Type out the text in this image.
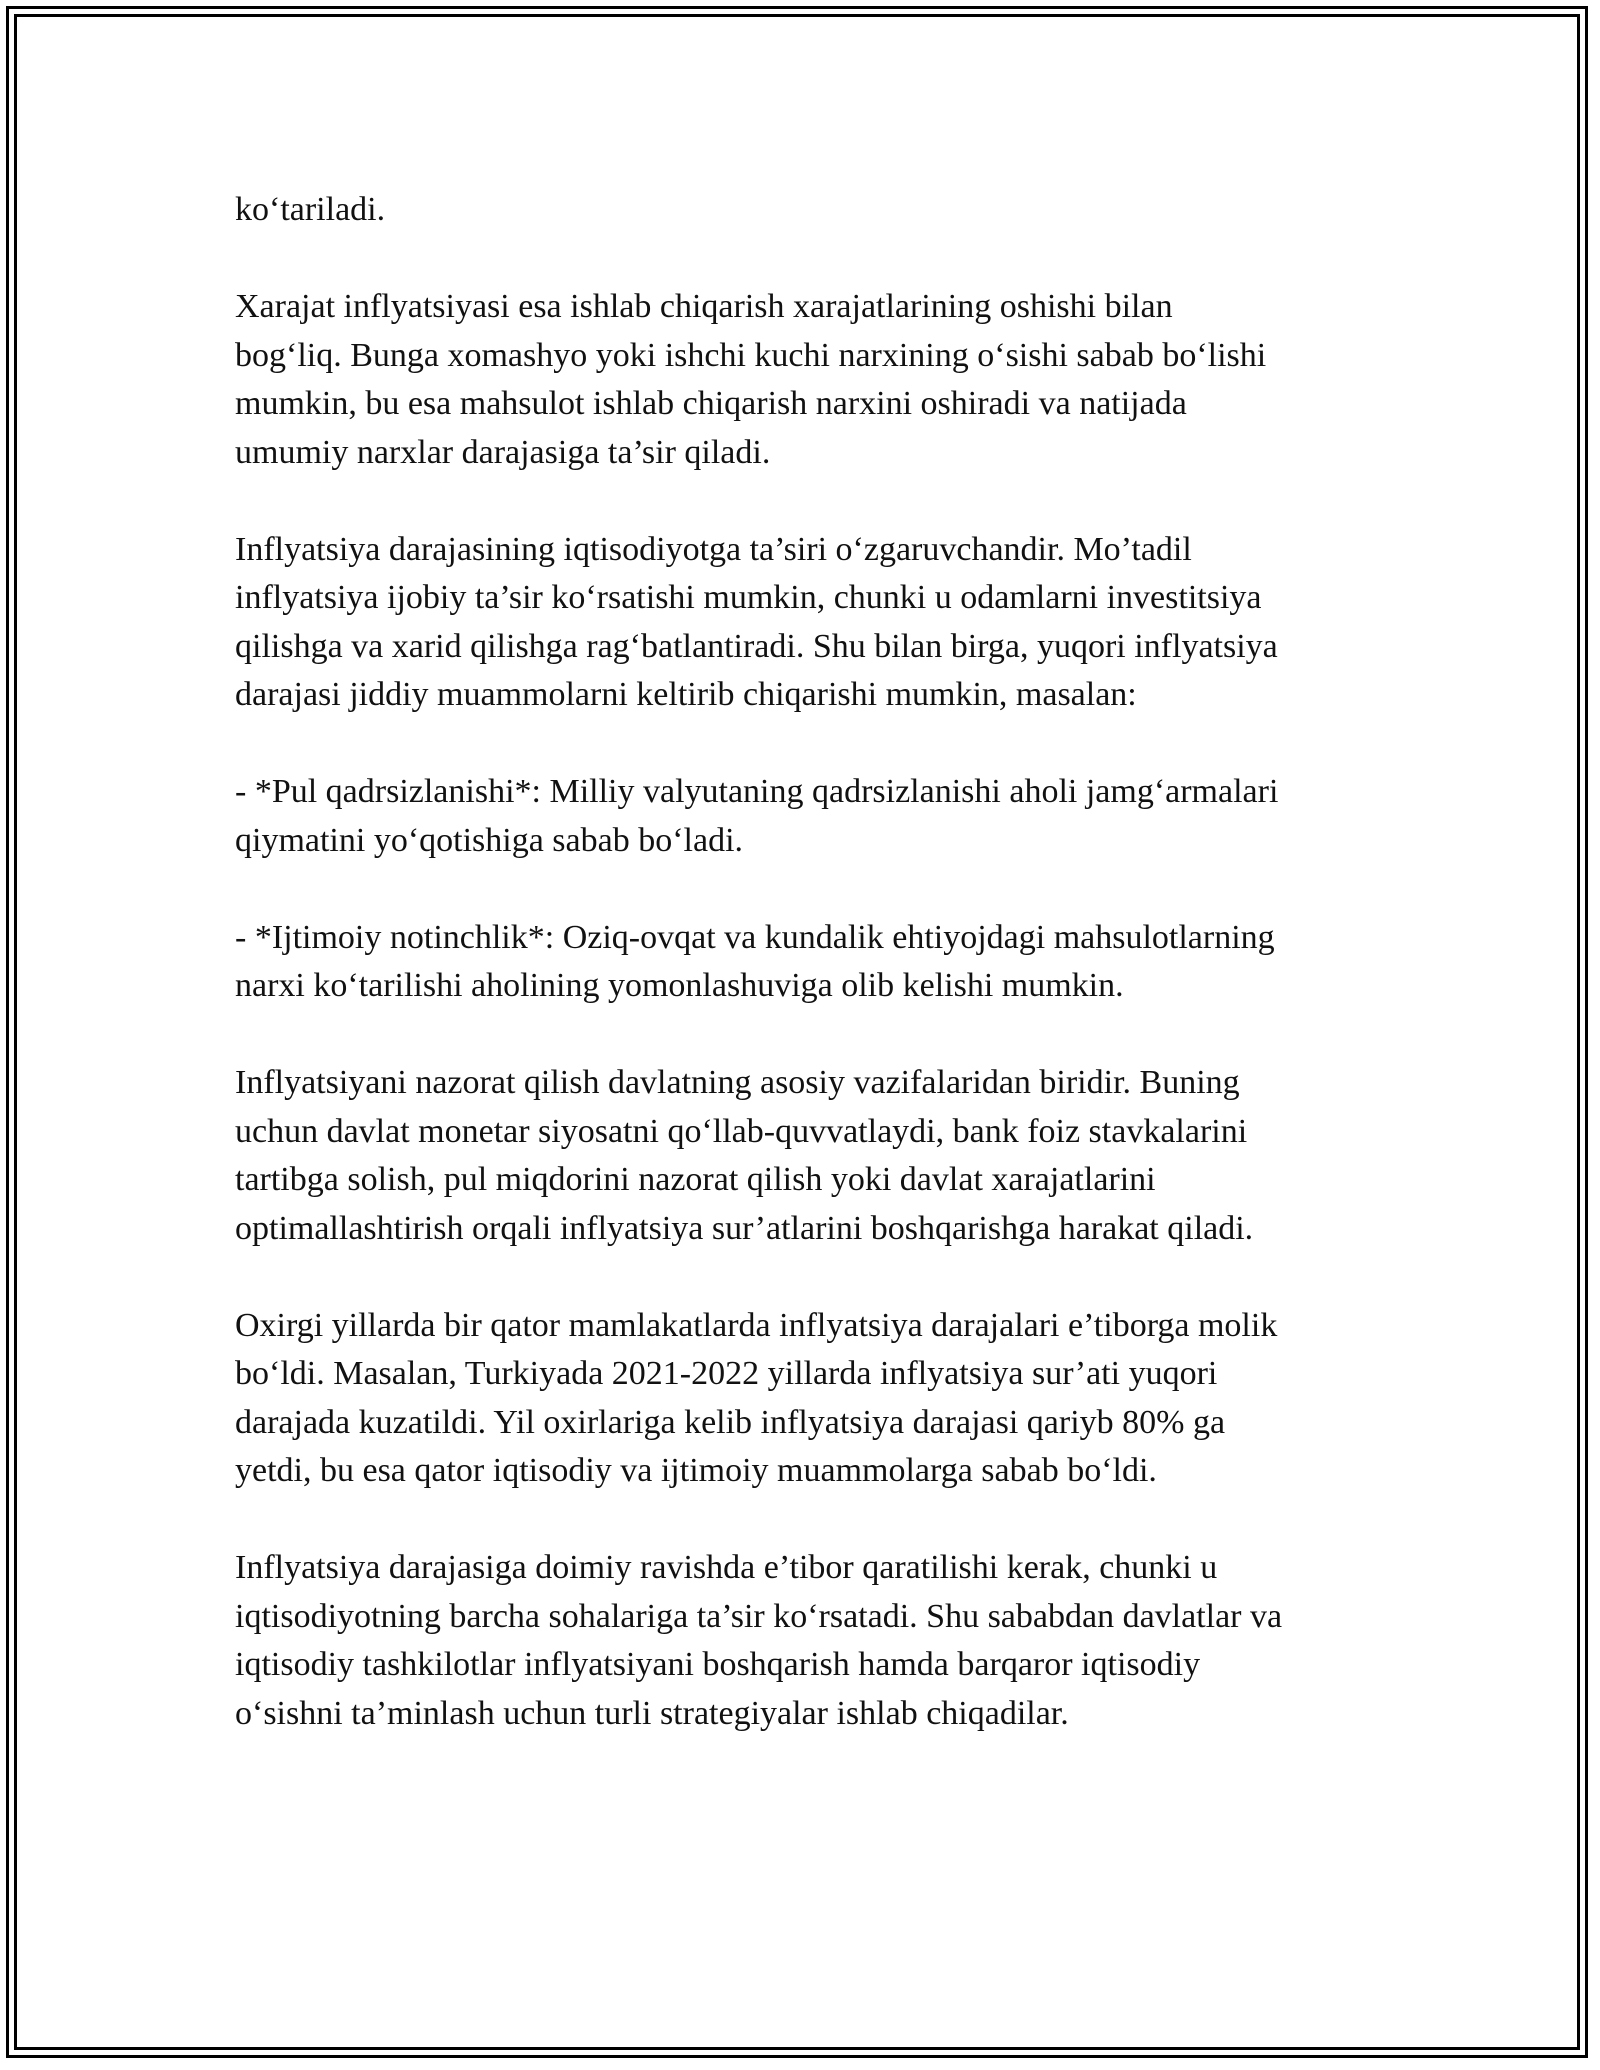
ko‘tariladi.

Xarajat inflyatsiyasi esa ishlab chiqarish xarajatlarining oshishi bilan
bog‘liq. Bunga xomashyo yoki ishchi kuchi narxining o‘sishi sabab bo‘lishi
mumkin, bu esa mahsulot ishlab chiqarish narxini oshiradi va natijada
umumiy narxlar darajasiga ta’sir qiladi.

Inflyatsiya darajasining iqtisodiyotga ta’siri o‘zgaruvchandir. Mo’tadil
inflyatsiya ijobiy ta’sir ko‘rsatishi mumkin, chunki u odamlarni investitsiya
qilishga va xarid qilishga rag‘batlantiradi. Shu bilan birga, yuqori inflyatsiya
darajasi jiddiy muammolarni keltirib chiqarishi mumkin, masalan:

- *Pul qadrsizlanishi*: Milliy valyutaning qadrsizlanishi aholi jamg‘armalari
qiymatini yo‘qotishiga sabab bo‘ladi.

- *Ijtimoiy notinchlik*: Oziq-ovqat va kundalik ehtiyojdagi mahsulotlarning
narxi ko‘tarilishi aholining yomonlashuviga olib kelishi mumkin.

Inflyatsiyani nazorat qilish davlatning asosiy vazifalaridan biridir. Buning
uchun davlat monetar siyosatni qo‘llab-quvvatlaydi, bank foiz stavkalarini
tartibga solish, pul miqdorini nazorat qilish yoki davlat xarajatlarini
optimallashtirish orqali inflyatsiya sur’atlarini boshqarishga harakat qiladi.

Oxirgi yillarda bir qator mamlakatlarda inflyatsiya darajalari e’tiborga molik
bo‘ldi. Masalan, Turkiyada 2021-2022 yillarda inflyatsiya sur’ati yuqori
darajada kuzatildi. Yil oxirlariga kelib inflyatsiya darajasi qariyb 80% ga
yetdi, bu esa qator iqtisodiy va ijtimoiy muammolarga sabab bo‘ldi.

Inflyatsiya darajasiga doimiy ravishda e’tibor qaratilishi kerak, chunki u
iqtisodiyotning barcha sohalariga ta’sir ko‘rsatadi. Shu sababdan davlatlar va
iqtisodiy tashkilotlar inflyatsiyani boshqarish hamda barqaror iqtisodiy
o‘sishni ta’minlash uchun turli strategiyalar ishlab chiqadilar.
